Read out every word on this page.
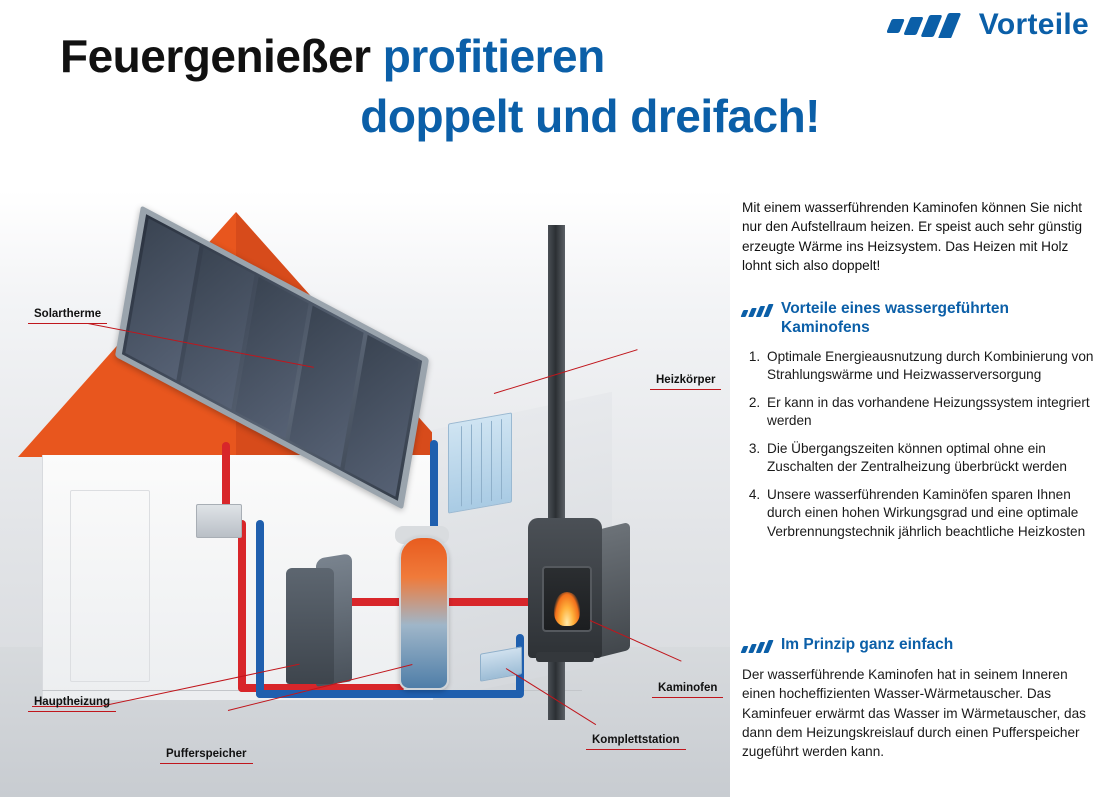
Vorteile
Feuergenießer profitieren
doppelt und dreifach!
Solartherme
Heizkörper
Kaminofen
Komplettstation
Pufferspeicher
Hauptheizung
Mit einem wasserführenden Kaminofen können Sie nicht nur den Aufstellraum heizen. Er speist auch sehr günstig erzeugte Wärme ins Heizsystem. Das Heizen mit Holz lohnt sich also doppelt!
Vorteile eines wassergeführten Kaminofens
1. Optimale Energieausnutzung durch Kombinierung von Strahlungswärme und Heizwasserversorgung
2. Er kann in das vorhandene Heizungssystem integriert werden
3. Die Übergangszeiten können optimal ohne ein Zuschalten der Zentralheizung überbrückt werden
4. Unsere wasserführenden Kaminöfen sparen Ihnen durch einen hohen Wirkungsgrad und eine optimale Verbrennungstechnik jährlich beachtliche Heizkosten
Im Prinzip ganz einfach
Der wasserführende Kaminofen hat in seinem Inneren einen hocheffizienten Wasser-Wärmetauscher. Das Kaminfeuer erwärmt das Wasser im Wärmetauscher, das dann dem Heizungskreislauf durch einen Pufferspeicher zugeführt werden kann.
